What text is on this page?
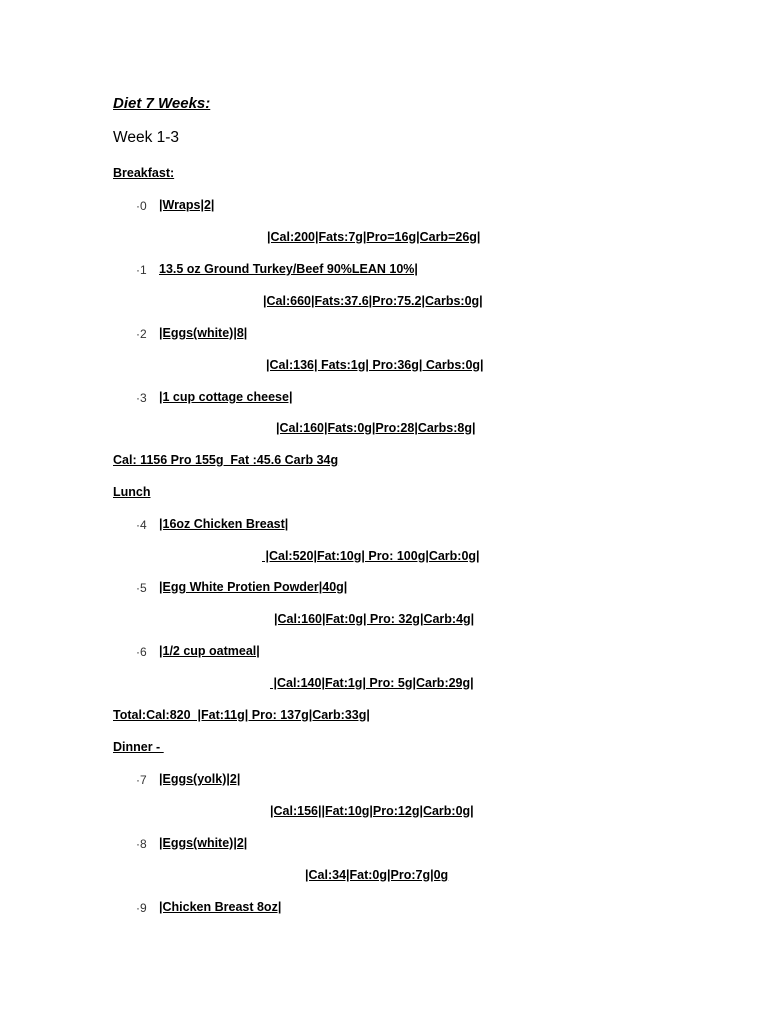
Diet 7 Weeks:
Week 1-3
Breakfast:
·0 |Wraps|2|
|Cal:200|Fats:7g|Pro=16g|Carb=26g|
·1 13.5 oz Ground Turkey/Beef 90%LEAN 10%|
|Cal:660|Fats:37.6|Pro:75.2|Carbs:0g|
·2 |Eggs(white)|8|
|Cal:136| Fats:1g| Pro:36g| Carbs:0g|
·3 |1 cup cottage cheese|
|Cal:160|Fats:0g|Pro:28|Carbs:8g|
Cal: 1156 Pro 155g  Fat :45.6 Carb 34g
Lunch
·4 |16oz Chicken Breast|
|Cal:520|Fat:10g| Pro: 100g|Carb:0g|
·5 |Egg White Protien Powder|40g|
|Cal:160|Fat:0g| Pro: 32g|Carb:4g|
·6 |1/2 cup oatmeal|
|Cal:140|Fat:1g| Pro: 5g|Carb:29g|
Total:Cal:820  |Fat:11g| Pro: 137g|Carb:33g|
Dinner -
·7 |Eggs(yolk)|2|
|Cal:156||Fat:10g|Pro:12g|Carb:0g|
·8 |Eggs(white)|2|
|Cal:34|Fat:0g|Pro:7g|0g
·9 |Chicken Breast 8oz|
